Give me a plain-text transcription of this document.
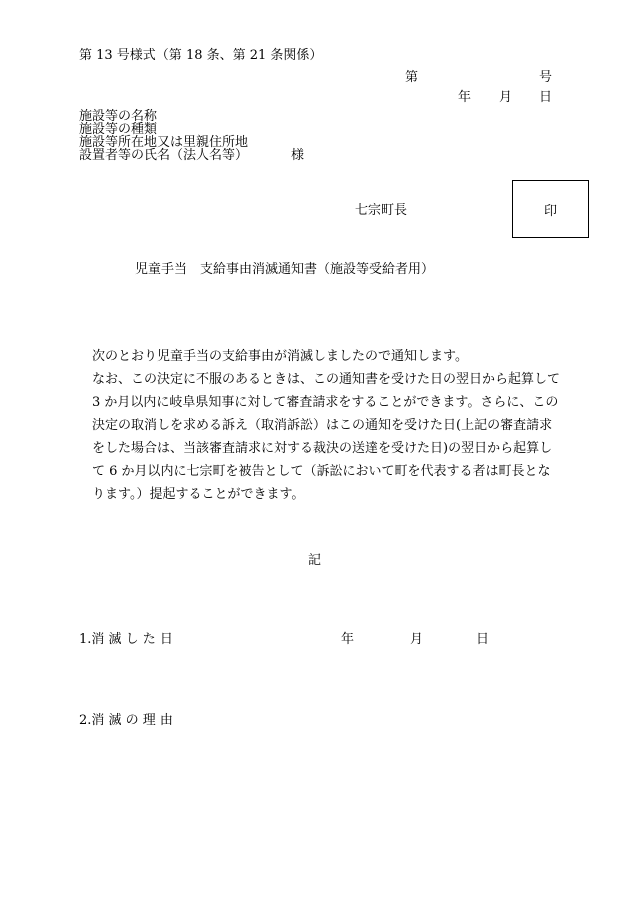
第 13 号様式（第 18 条、第 21 条関係）
第	号
年 月 日
施設等の名称
施設等の種類
施設等所在地又は里親住所地
設置者等の氏名（法人名等）	様
七宗町長	印
児童手当　支給事由消滅通知書（施設等受給者用）

次のとおり児童手当の支給事由が消滅しましたので通知します。

なお、この決定に不服のあるときは、この通知書を受けた日の翌日から起算して 3 か月以内に岐阜県知事に対して審査請求をすることができます。さらに、この決定の取消しを求める訴え（取消訴訟）はこの通知を受けた日(上記の審査請求をした場合は、当該審査請求に対する裁決の送達を受けた日)の翌日から起算して 6 か月以内に七宗町を被告として（訴訟において町を代表する者は町長となります。）提起することができます。

記
1.消 滅 し た 日	年	月	日
2.消 滅 の 理 由
